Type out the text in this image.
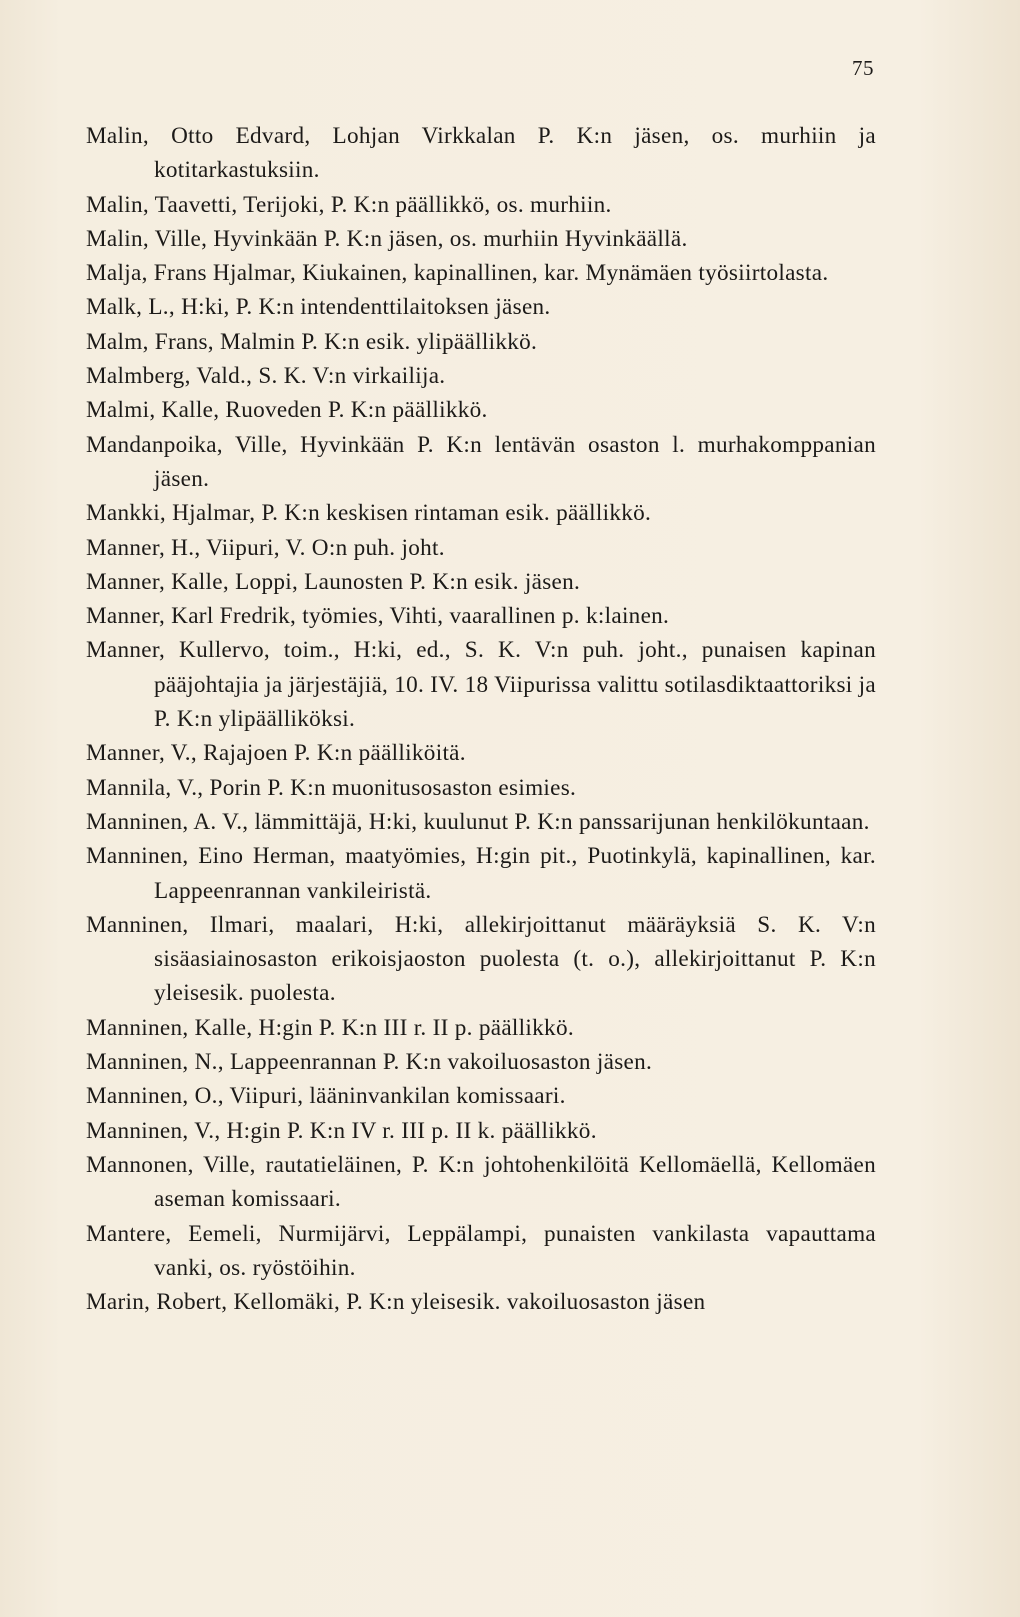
75
Malin, Otto Edvard, Lohjan Virkkalan P. K:n jäsen, os. murhiin ja kotitarkastuksiin.
Malin, Taavetti, Terijoki, P. K:n päällikkö, os. murhiin.
Malin, Ville, Hyvinkään P. K:n jäsen, os. murhiin Hyvinkäällä.
Malja, Frans Hjalmar, Kiukainen, kapinallinen, kar. Mynämäen työsiirtolasta.
Malk, L., H:ki, P. K:n intendenttilaitoksen jäsen.
Malm, Frans, Malmin P. K:n esik. ylipäällikkö.
Malmberg, Vald., S. K. V:n virkailija.
Malmi, Kalle, Ruoveden P. K:n päällikkö.
Mandanpoika, Ville, Hyvinkään P. K:n lentävän osaston l. murhakomppanian jäsen.
Mankki, Hjalmar, P. K:n keskisen rintaman esik. päällikkö.
Manner, H., Viipuri, V. O:n puh. joht.
Manner, Kalle, Loppi, Launosten P. K:n esik. jäsen.
Manner, Karl Fredrik, työmies, Vihti, vaarallinen p. k:lainen.
Manner, Kullervo, toim., H:ki, ed., S. K. V:n puh. joht., punaisen kapinan pääjohtajia ja järjestäjiä, 10. IV. 18 Viipurissa valittu sotilasdiktaattoriksi ja P. K:n ylipäälliköksi.
Manner, V., Rajajoen P. K:n päälliköitä.
Mannila, V., Porin P. K:n muonitusosaston esimies.
Manninen, A. V., lämmittäjä, H:ki, kuulunut P. K:n panssarijunan henkilökuntaan.
Manninen, Eino Herman, maatyömies, H:gin pit., Puotinkylä, kapinallinen, kar. Lappeenrannan vankileiristä.
Manninen, Ilmari, maalari, H:ki, allekirjoittanut määräyksiä S. K. V:n sisäasiainosaston erikoisjaoston puolesta (t. o.), allekirjoittanut P. K:n yleisesik. puolesta.
Manninen, Kalle, H:gin P. K:n III r. II p. päällikkö.
Manninen, N., Lappeenrannan P. K:n vakoiluosaston jäsen.
Manninen, O., Viipuri, lääninvankilan komissaari.
Manninen, V., H:gin P. K:n IV r. III p. II k. päällikkö.
Mannonen, Ville, rautatieläinen, P. K:n johtohenkilöitä Kellomäellä, Kellomäen aseman komissaari.
Mantere, Eemeli, Nurmijärvi, Leppälampi, punaisten vankilasta vapauttama vanki, os. ryöstöihin.
Marin, Robert, Kellomäki, P. K:n yleisesik. vakoiluosaston jäsen
